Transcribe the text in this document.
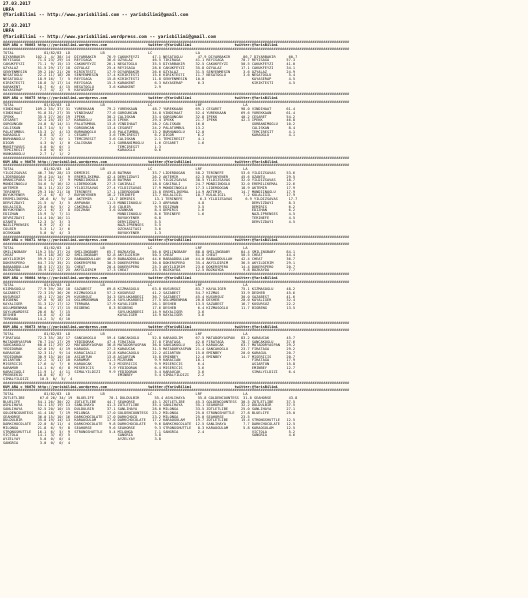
27.03.2017
URFA
@YarisBilimi -- http://www.yarisbilimi.com -- yarisbilimi@gmail.com
27.03.2017
URFA
@YarisBilimi -- http://www.yarisbilimi.wordpress.com -- yarisbilimi@gmail.com
################################################################################################################################################################
KUM ARA = 98663 http://yarisbilimi.wordpress.com                   twitter:@YarisBilimi                    twitter:@YarisBilimi
################################################################################################################################################################
TOTAL              81/82/83  LD              LB                    LC                    LA
DIYARBAKIR     102.1  4/ 38/ 14  DIYARBAKIR     76.9 CAKUKFEYZI      47.1 NESATOGLU       47.9 DIYARBAKIR      86.7 DIYARBAKIR      60.7
REYISAGA        71.5 23/ 29/ 14  REYISAGA       36.6 OZYALAZ         46.5 TIKIRAGA       41.1 REYISAGA        70.7 REYISAGA        57.3
CAKUKFEYZI      71.1  9/ 15/ 13  CAKUKFEYZI     26.1 NESATOGLU       35.5 DIYARBAKIR     32.5 CAKUKFEYZI      50.5 CAKUKFEYZI      41.0
OZYALAZ         51.5 29/ 17/ 18  OZYALAZ        25.4 REYISAGA        28.6 CAKUKFEYZI     35.8 OZYALAZ         17.1 CAKUKFEYZI      34.1
SENYENMESIN     39.2 10/ 21/ 20  KIRIKTESTI     17.9 DIYARBAKIR      26.6 OZYALAZ        31.5 SENYENMESIN      3.6 OZYALAZ         24.9
NESATOGLU       22.2 11/ 18/ 20  SENYENMESIN    17.4 KIRIKTESTI      15.6 KIRIKTESTI     11.7 NESATOGLU        3.6 NESATOGLU        5.4
NESATOGLU       18.9 16/  7/  5  REYISAGA       15.8 KIRIKTESTI      11.8 SENYENMESIN    10.0                      KAYASERAP        4.5
KIRIKTESTI      18.8  3/ 17/ 14  REYISAGA       15.3 KARAKENT         6.3 KAYASERAP       6.3                      KIRIKTESTI       4.5
KARAKENT        10.7  6/  4/ 15  NESATOGLU       3.6 KARAKENT         2.9
KAYASERAP        7.7  4/  2/  9  KAYASERAP
################################################################################################################################################################
KUM ARA = 98675 http://yarisbilimi.wordpress.com                   twitter:@YarisBilimi                    twitter:@YarisBilimi
################################################################################################################################################################
TOTAL              81/82/83  LD              LB                    LC                    LRF                   LA
VINDIHAAT      109.2 35/ 37/ 31  YUREKKAAN      79.2 YUREKKAAN       48.7 YUREKKAAN      69.1 CESARET         98.0 VINDIHAAT       61.4
VINDIHAAT       91.8 31/ 27/ 35  VINDIHAAT      77.6 GORGUNCAN       34.8 VINDIHAAT      52.4 YUREKKAAN       69.6 YUREKKAAN       61.4
IPEKK           35.5 27/ 26/ 19  IPEKK          30.2 CALISKAN        33.4 GORGUNCAN      32.8 IPEKK           40.2 CESARET         54.2
CESARET         32.4 25/ 15/ 17  KARAOGLU       14.5 IPEKK           29.4 IPEKK          21.7 IPEKK           42.3 IPEKK           46.8
GORGUNCAN       24.8  8/ 14/ 11  PALATUMBUL     13.8 VINDIHAAT       28.2 CALISKAN       16.8                      GURBANIMOGLU    10.2
CALISKAN        18.7 14/  5/  5  GORGUNCAN      13.4 CESARET         24.2 PALATUMBUL     13.2                      CALISKAN         8.4
PALATUMBUL      15.3  2/  4/ 13  BURHANOGLU      3.6 PALATUMBUL      13.2 BURHANOGLU     12.0                      TEMCIRESIT       4.1
KARAOGLU         8.6  3/  2/  1  CESARET         3.6 TEMCIRESIT       6.2 DIGOR           6.2                      KARAOGLU         4.1
BURHANOGLU       7.7  3/  0/  1  TEMCIRESIT      3.6 CALISKAN         2.1 TEMCIRESIT      4.1
DIGOR            4.3  0/  1/  0  CALISKAN        2.1 GURBANIMOGLU     1.6 CESARET         1.6
MUNIFYAVUS       4.0  0/  0/  1                      TEMCIRESIT       1.3
TEMCIRESIT       4.0  0/  0/  1                      KARAOGLU         0.6
HUNKAROGLU       2.7  1/  1/  2
################################################################################################################################################################
KUM ARA = 98676 http://yarisbilimi.wordpress.com                   twitter:@YarisBilimi                    twitter:@YarisBilimi
################################################################################################################################################################
TOTAL              81/82/83  LD              LB                    LC                    LRF                   LA
YILDIZSAVAS     46.7 36/ 28/ 13  DEMIRIS        43.8 BATMAN          33.7 LIDERDOGAN     58.2 TERINEFE        53.6 YILDIZSAVAS     53.6
LIDERDOGAN      39.4 24/ 14/  9  EREMILIKEMAL   42.4 DERVIZDAYI      26.2 AKTEMIR        42.3 BUYUKYENER      45.6 OZANTU          29.5
UMANCIPARA      34.5 21/  2/  9  MONDIINOGLU    35.8 BATMAN          22.5 YILDIZSAVAS    38.5 YILDIZSAVAS     32.0 YILDIZSAVAS     18.7
MONDIINOGLU     34.6  5/ 16/ 12  LIDERDOGAN     27.3 CAKIRALI        18.8 CAKIRALI       24.7 MONDIINOGLU     32.0 EREMILIKEMAL    22.6
AKTEMIR         30.1 11/ 22/ 22  YILDIZSAVAS    27.4 YILDIZSAVAS     17.9 MONDIINOGLU    17.3 LIDERDOGAN      18.9 AKTEMIR         17.9
TERINEFE        29.3 10/ 21/ 10  TERINEFE       17.1 LIDERDOGAN      15.8 EREMILIKEMAL   14.9 AKTEMIR         14.7 MONDIINOGLU     17.9
BUYUKYENER      27.4  6/  6/  7  BUYUKYENER     16.2 TERINEFE        13.7 KULALIGIL      10.7 KULALIGIL        7.2 KULALIGIL       17.9
EREMILIKEMAL     26.6  6/  9/ 10  AKTEMIR        11.7 DEMIRIS         13.1 TERINEFE        6.3 YILDIZSAVAS      6.9 YILDIZSAVAS     17.7
DERVIZDAYI      21.5  4/  3/  5  ARPAHAN        11.5 MONDIINOGLU     12.3 ARPAHAN         4.8                      DERVIZDAYI       8.3
KULALIGIL       23.0  6/  5/  2  CAKIRALI        3.6 COLBIR           9.9 EDIZHAN         3.5                      DEMIRIS          6.2
BUYUKYENER      22.1  6/  2/  8  EDIZHAN         3.6 OZANKAN          8.4 DEMIRIS         1.6                      EDIZHAN          6.2
EDIZHAN         15.9  3/  7/ 11                      MONDIINOGLU      8.6 TERINEFE        1.6                      NAZLIPRENSES     4.5
DEVRIZDAYI      14.4 10/ 10/ 11                      BUYUKYENER       6.8                                          TERINEFE         4.5
OZANTU          12.3  3/  3/  3                      DERVIZDAYI       5.5                                          DERVIZDAYI       4.5
NAZLIPRENSES     6.9  2/  4/  4                      NAZLIPRENSES     5.5
COLBIR           5.3  1/  2/  6                      OZCHASITASI      3.6
OCEKKAAN         5.0  0/  4/  3                      BOYUKYENER       1.3
################################################################################################################################################################
KUM ARA = 98671 http://yarisbilimi.wordpress.com                   twitter:@YarisBilimi                    twitter:@YarisBilimi
################################################################################################################################################################
TOTAL              81/82/83  LD              LB                    LC                    LRF                   LA
SMILINGBABY    119.2 55/ 37/ 24  SMILINGBABY    65.7 BOZKAYDA        56.0 SMILINGBABY    88.8 SMILINGBABY     84.4 SMILINGBABY     84.1
CHEAT           59.1 18/ 26/ 42  SMILINGBABY    52.8 AKYILDIRIM      50.3 CHEAT          51.8 CHEAT           50.5 CHEAT           44.4
AKYILDIRIM      59.9 21/ 27/ 22  BABAADDULLAH   46.9 BABAADDULLAH    44.6 BABAADDULLAH   44.0 BABAADDULLAH    42.4 CHEAT           36.7
DOKERSPERO      64.7 23/ 35/ 21  DOKERSPERO     30.3 DOKERSPERO      30.8 DOKERSPERO     35.4 AKYILDIRIM      36.5 AKYILDIRIM      29.1
BABAADDULLAH    56.5 17/ 23/ 31  CHEAT          20.4 DOKERSPERO      25.3 AKYILDIRIM     23.6 DOKERSPERO      14.4 DOKERSPERO      20.7
BOZKAYDA        35.9 12/ 12/ 25  AKYILDIRIM     17.3 CHEAT           23.5 BOZKAYDA       12.5 BOZKAYDA         9.8 BOZKAYDA         7.7
################################################################################################################################################################
KUM ARA = 98664 http://yarisbilimi.wordpress.com                   twitter:@YarisBilimi                    twitter:@YarisBilimi
################################################################################################################################################################
TOTAL              81/82/83  LD              LB                    LC                    LRF                   LA
KIZMASOGLU      77.9 39/ 28/ 18  SAZABEST       69.8 KIZMASOGLU      63.8 KUSURSUZ       83.7 KAYALIGER       75.1 KIZMASOGLU      48.2
SAZABEST        72.3 25/ 36/ 26  KIZMASOGLU     57.2 KUSURSUZ        41.2 SAZABEST       54.7 KIZMAS          33.9 DESHEB          45.6
KUSURSUZ        49.1 17/ 20/ 29  KUSURSUZ       34.3 SOYLUKARDESI    36.7 SAZABEST       45.4 KUSURSUZ        30.0 SAZABEST        41.6
BIGBENG         47.0  9/ 18/ 14  OGLUMDENMAN    32.4 SOYLUKARDESI    27.5 OGLUMDENMAN    20.8 DESHEB          20.0 KAYALIGER       32.4
KAYALIGER       31.3 12/ 17/ 12  TERRABA        17.9 KAYALIGER       26.1 DESHEB         13.5 SAZABEST        16.7 KUSURSUZ        22.2
OGLUMDENMAN     30.4  7/ 17/ 15  BIGBENG         8.3 BIGBENG         17.6 DESHEB          6.4 KIZMASOGLU      11.7 BIGBENG         13.5
SOYLUKARDESI    20.6  8/  7/ 15                      SOYLUKARDESI    14.9 KAYALIGER       3.6
DESHEB          15.6  4/  4/ 10                      KAYALIGER       14.9 KAYALIGER       3.6
TERRABA         14.2  3/  6/ 10
################################################################################################################################################################
KUM ARA = 98673 http://yarisbilimi.wordpress.com                   twitter:@YarisBilimi                    twitter:@YarisBilimi
################################################################################################################################################################
TOTAL              81/82/83  LD              LB                    LC                    LRF                   LA
FIRATAGA        72.3 35/ 28/ 17  SANCAKOGLU     59.4 SANCAKOGLU      52.8 KARAOGLIM      67.5 MATADORYASPAN   83.2 KARAUCAK        45.7
MATADORYASPAN   70.7 24/ 17/ 29  YEDIDORAK      47.4 FIRATAGA        37.8 FIRATAGA       42.8 FIRATAGA        78.7 SANCAKOGLU      37.6
SANCAKOGLU      60.0 11/ 29/ 22  MATADORYASPAN  36.8 MATADORYASPAN   36.8 SANCAKOGLU     23.3 KARAUCAK        63.7 MATADORYASPAN   29.2
YEDIDORAK       42.0 19/  4/ 19  KARAGUL        27.3 KARAUCAK        31.5 MATADORYASPAN  21.4 SANCAKOGLU      23.7 FIRATAGA        29.2
KARAUCAK        32.3 11/  9/ 14  KARACIAGLI     13.8 KARACAOGLU      22.2 ASIARTUN       15.0 EMINBEY         20.0 KARAGUL         20.7
YEDIDORAK       30.9 15/ 10/ 10  ASIARTUN       13.8 ASIARTUN        15.8 EMINBEY        12.4 EMINBEY         14.7 MISERICIS       20.7
ASIARTUN        22.2  3/ 11/ 10  KARAMUR        11.3 MIZEUNN          9.9 KARACIAN       10.1                      FIRATAGA        17.9
MISERICIS       17.6  4/  7/  6  KARAUCAK        9.2 MISERICIS        9.9 MISERICIS       6.4                      ASIARTUN        15.8
KARAMUR         14.1  6/  6/  8  MISERICIS       3.9 YEDIDORAK        6.4 MISERICIS       3.6                      EMINBEY         12.7
KARACIAGLI      11.9  1/  4/ 11  SIMALYILDIZI    9.9 YEDIDORAK        5.4 KARAUCAK        3.6                      SIMALYILDIZI     6.4
PRENSEKIO       10.8  6/  6/  7                      EMINBEY          5.4 SIMALYILDIZI    2.2
SIMALYILDIZI     10.5  0/  5/  4
################################################################################################################################################################
KUM ARA = 98670 http://yarisbilimi.wordpress.com                   twitter:@YarisBilimi                    twitter:@YarisBilimi
################################################################################################################################################################
TOTAL              81/82/83  LD              LB                    LC                    LRF                   LA
ZOTLETLIBE       67.6 26/ 34/ 19  BLUELIFE       70.1 DULDULBIR       55.4 ASHLIHAYA      55.8 GOLDENCOUNTESS  31.8 SEAHORSE        43.8
BLUELIFE        54.1 26/ 30/ 22  ZOTLETLIBE     44.7 SEAHORSE        45.1 ZOTLETLIBE     45.3 GOLDENCOUNTESS  30.5 ZOTLETLIBE      37.5
ASHLIHAYA       54.1 15/ 19/ 13  SANLIHAYA      41.3 ZOTLETLIBE      35.4 SANLIHAYA      35.1 SEAHORSE        32.2 DULDULBIR       37.5
SANLIHAYA       52.5 20/ 10/ 15  DULDULBIR      37.1 SANLIHAYA       28.0 MILONGA        33.5 ZOTLETLIBE      25.0 SANLIHAYA       27.1
GOLDENCOUNTESS  41.4 18/  7/ 19  MILONGA        17.0 GOLDENCOUNTESS  23.2 MILONGA        25.0 STRONGSHUTTLE   27.8 BLUELIFE        25.0
SEAHORSE        36.0 15/ 10/ 16  DARKCHOCOLATE  17.0 DARKCHOCO       23.2 MILONGA        25.0 SEAHORSE        23.5
DULDULBIR       35.8 19/ 14/ 13  KARAOGULAM     17.0 DARKCHOCOLATE   17.2 KARAOGULAM     19.7 ZOTLETLIBE      15.4 STRONGSHUTTLE   12.5
DARKCHOCOLATE   22.0  8/ 11/  4  DARKCHOCOLATE   9.8 DARKCHOCOLATE    9.6 DARKCHOCOLATE  12.5 SANLIHAYA        7.7 DARKCHOCOLATE   12.5
MILONGA         21.8  6/  9/  8  SEAHORSE        9.6 SEAHORSE         9.3 STRONGSHUTTLE   8.3 KARAOGULAM       5.8 KARAOGULAM      12.5
STRONGSHUTTLE   16.1  6/  5/  9  STRONGSHUTTLE   5.4 MILONGA          7.1 SANGRIA         2.4                      VICTOLA          5.2
VICTOLA         14.1  3/  6/  5                      SANGRIA          3.8                                          SANGRIA          4.6
AYZELYAY         5.0  0/  0/  4                      AYZELYAY         3.8
SANGRIA          3.0  0/  0/  4
